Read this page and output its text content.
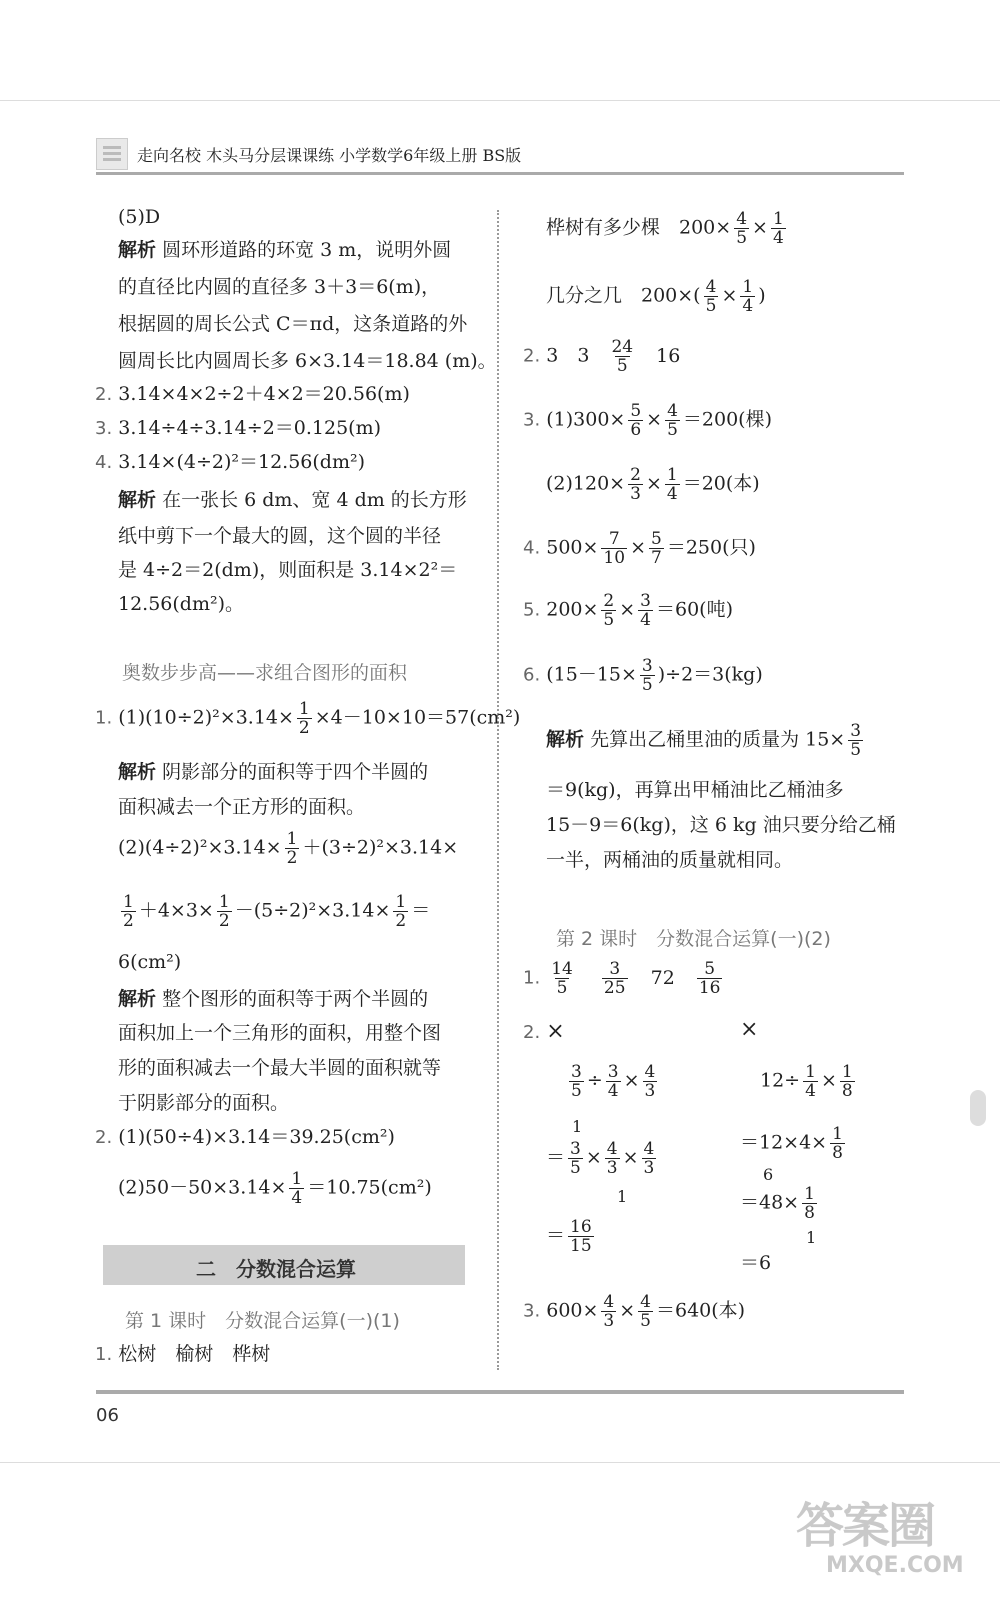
走向名校 木头马分层课课练 小学数学6年级上册 BS版
(5)D
解析 圆环形道路的环宽 3 m，说明外圆
的直径比内圆的直径多 3＋3＝6(m)，
根据圆的周长公式 C＝πd，这条道路的外
圆周长比内圆周长多 6×3.14＝18.84 (m)。
2. 3.14×4×2÷2＋4×2＝20.56(m)
3. 3.14÷4÷3.14÷2＝0.125(m)
4. 3.14×(4÷2)²＝12.56(dm²)
解析 在一张长 6 dm、宽 4 dm 的长方形
纸中剪下一个最大的圆，这个圆的半径
是 4÷2＝2(dm)，则面积是 3.14×2²＝
12.56(dm²)。
奥数步步高——求组合图形的面积
1. $(1)(10\div 2)^2\times 3.14\times \frac{1}{2} \times 4-10\times 10=57(cm^2)$
解析 阴影部分的面积等于四个半圆的
面积减去一个正方形的面积。
$(2)(4\div 2)^2\times 3.14\times \frac{1}{2} +(3\div 2)^2\times 3.14\times$
$\frac{1}{2} +4\times 3\times \frac{1}{2} -(5\div 2)^2\times 3.14\times \frac{1}{2}$ ＝
6(cm²)
解析 整个图形的面积等于两个半圆的
面积加上一个三角形的面积，用整个图
形的面积减去一个最大半圆的面积就等
于阴影部分的面积。
2. (1)(50÷4)×3.14＝39.25(cm²)
$(2)50-50\times 3.14\times \frac{1}{4} =10.75(cm^2)$
二　分数混合运算
第 1 课时　分数混合运算(一)(1)
1. 松树　榆树　桦树
桦树有多少棵　$200\times \frac{4}{5} \times \frac{1}{4}$
几分之几　$200\times( \frac{4}{5} \times \frac{1}{4}$ )
2. 3　$3 \frac{24}{5} 16$
3. $(1)300\times \frac{5}{6} \times \frac{4}{5} =200$(棵)
$(2)120\times \frac{2}{3} \times \frac{1}{4} =20$(本)
4. $500\times \frac{7}{10} \times \frac{5}{7} =250$(只)
5. $200\times \frac{2}{5} \times \frac{3}{4} =60$(吨)
6. $(15-15\times \frac{3}{5} )\div 2=3(kg)$
解析 先算出乙桶里油的质量为 $15\times \frac{3}{5}$
＝9(kg)，再算出甲桶油比乙桶油多
15－9＝6(kg)，这 6 kg 油只要分给乙桶
一半，两桶油的质量就相同。
第 2 课时　分数混合运算(一)(2)
1. $\frac{14}{5}$
$\frac{3}{25} 72 \frac{5}{16}$
2. ×	×
$\frac{3}{5} \div \frac{3}{4} \times \frac{4}{3}$
1
＝ $\frac{3}{5} \times \frac{4}{3} \times \frac{4}{3}$
1
＝ $\frac{16}{15}$
$12\div \frac{1}{4} \times \frac{1}{8}$
$=12\times 4\times \frac{1}{8}$
6
$=48\times \frac{1}{8}$
1
＝6
3. $600\times \frac{4}{3} \times \frac{4}{5} =640$(本)
06
答案圈
MXQE.COM
